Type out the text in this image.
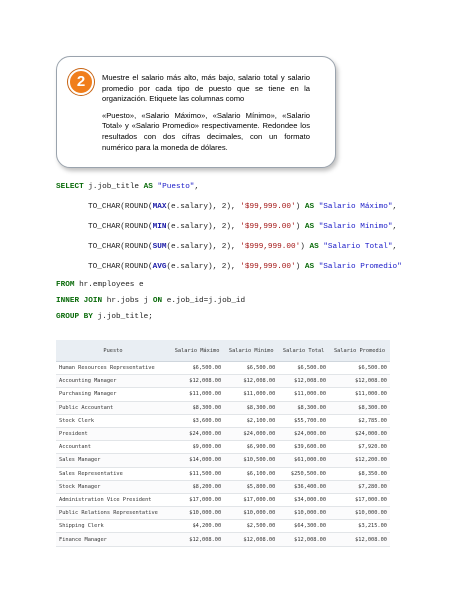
2	Muestre el salario más alto, más bajo, salario total y salario promedio por cada tipo de puesto que se tiene en la organización. Etiquete las columnas como

«Puesto», «Salario Máximo», «Salario Mínimo», «Salario Total» y «Salario Promedio» respectivamente. Redondee los resultados con dos cifras decimales, con un formato numérico para la moneda de dólares.

SELECT j.job_title AS "Puesto",

TO_CHAR(ROUND(MAX(e.salary), 2), '$99,999.00') AS "Salario Máximo",

TO_CHAR(ROUND(MIN(e.salary), 2), '$99,999.00') AS "Salario Mínimo",

TO_CHAR(ROUND(SUM(e.salary), 2), '$999,999.00') AS "Salario Total",

TO_CHAR(ROUND(AVG(e.salary), 2), '$99,999.00') AS "Salario Promedio"

FROM hr.employees e

INNER JOIN hr.jobs j ON e.job_id=j.job_id

GROUP BY j.job_title;

Puesto	Salario Máximo	Salario Mínimo	Salario Total	Salario Promedio
Human Resources Representative	$6,500.00	$6,500.00	$6,500.00	$6,500.00
Accounting Manager	$12,008.00	$12,008.00	$12,008.00	$12,008.00
Purchasing Manager	$11,000.00	$11,000.00	$11,000.00	$11,000.00
Public Accountant	$8,300.00	$8,300.00	$8,300.00	$8,300.00
Stock Clerk	$3,600.00	$2,100.00	$55,700.00	$2,785.00
President	$24,000.00	$24,000.00	$24,000.00	$24,000.00
Accountant	$9,000.00	$6,900.00	$39,600.00	$7,920.00
Sales Manager	$14,000.00	$10,500.00	$61,000.00	$12,200.00
Sales Representative	$11,500.00	$6,100.00	$250,500.00	$8,350.00
Stock Manager	$8,200.00	$5,800.00	$36,400.00	$7,280.00
Administration Vice President	$17,000.00	$17,000.00	$34,000.00	$17,000.00
Public Relations Representative	$10,000.00	$10,000.00	$10,000.00	$10,000.00
Shipping Clerk	$4,200.00	$2,500.00	$64,300.00	$3,215.00
Finance Manager	$12,008.00	$12,008.00	$12,008.00	$12,008.00
